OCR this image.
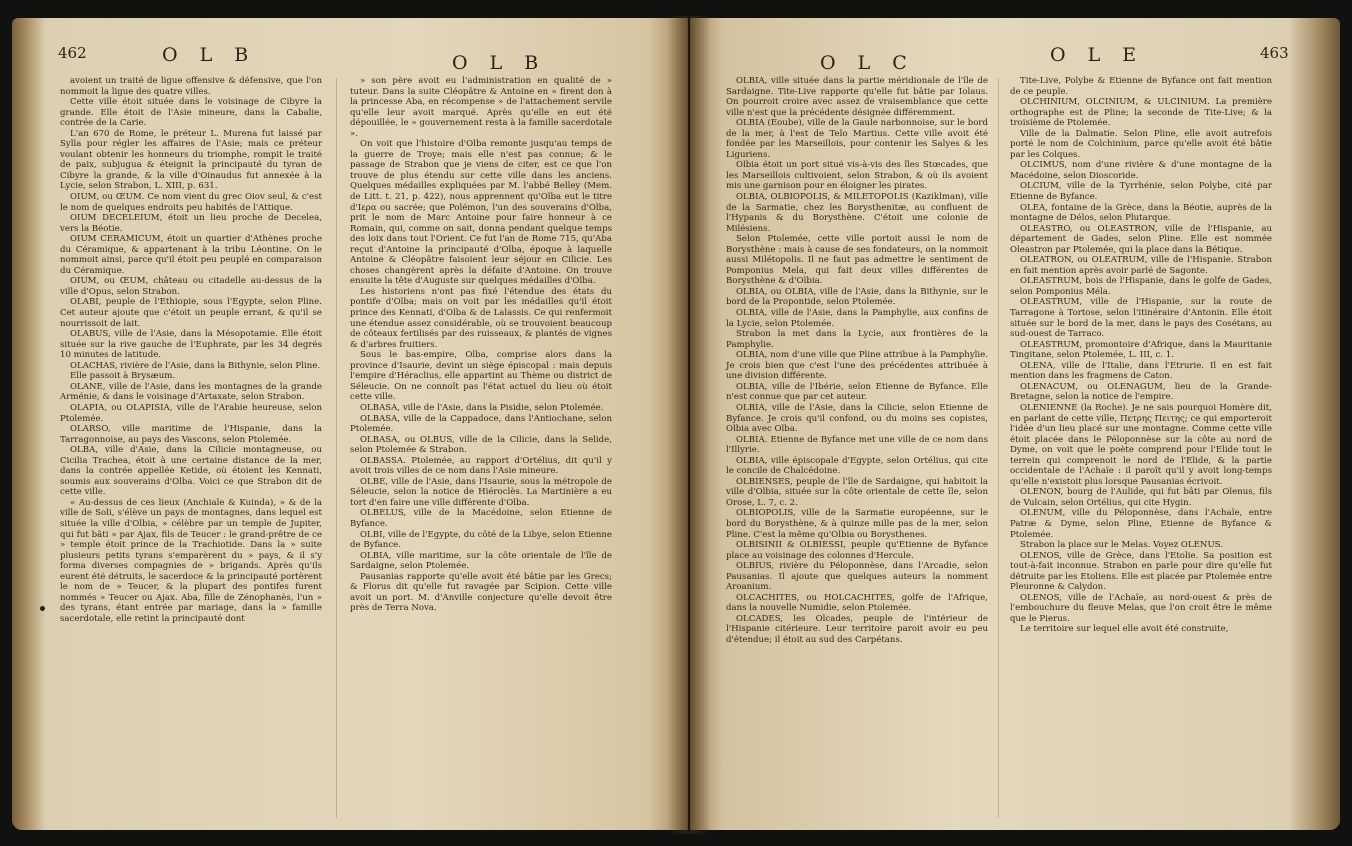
462	O L B	O L B

avoient un traité de ligue offensive & défensive, que l'on nommoit la ligue des quatre villes.

Cette ville étoit située dans le voisinage de Cibyre la grande. Elle étoit de l'Asie mineure, dans la Cabalie, contrée de la Carie.

L'an 670 de Rome, le préteur L. Murena fut laissé par Sylla pour régler les affaires de l'Asie; mais ce préteur voulant obtenir les honneurs du triomphe, rompit le traité de paix, subjugua & éteignit la principauté du tyran de Cibyre la grande, & la ville d'Oinaudus fut annexée à la Lycie, selon Strabon, L. XIII, p. 631.

OIUM, ou ŒUM. Ce nom vient du grec Oiov seul, & c'est le nom de quelques endroits peu habités de l'Attique.

OIUM DECELEIUM, étoit un lieu proche de Decelea, vers la Béotie.

OIUM CERAMICUM, étoit un quartier d'Athènes proche du Céramique, & appartenant à la tribu Léontine. On le nommoit ainsi, parce qu'il étoit peu peuplé en comparaison du Céramique.

OIUM, ou ŒUM, château ou citadelle au-dessus de la ville d'Opus, selon Strabon.

OLABI, peuple de l'Ethiopie, sous l'Egypte, selon Pline. Cet auteur ajoute que c'étoit un peuple errant, & qu'il se nourrissoit de lait.

OLABUS, ville de l'Asie, dans la Mésopotamie. Elle étoit située sur la rive gauche de l'Euphrate, par les 34 degrés 10 minutes de latitude.

OLACHAS, rivière de l'Asie, dans la Bithynie, selon Pline.

Elle passoit à Brysæum.

OLANE, ville de l'Asie, dans les montagnes de la grande Arménie, & dans le voisinage d'Artaxate, selon Strabon.

OLAPIA, ou OLAPISIA, ville de l'Arabie heureuse, selon Ptolemée.

OLARSO, ville maritime de l'Hispanie, dans la Tarragonnoise, au pays des Vascons, selon Ptolemée.

OLBA, ville d'Asie, dans la Cilicie montagneuse, ou Cicilia Trachea, étoit à une certaine distance de la mer, dans la contrée appellée Ketide, où étoient les Kennati, soumis aux souverains d'Olba. Voici ce que Strabon dit de cette ville.

« Au-dessus de ces lieux (Anchiale & Kuinda), » & de la ville de Soli, s'élève un pays de montagnes, dans lequel est située la ville d'Olbia, » célèbre par un temple de Jupiter, qui fut bâti » par Ajax, fils de Teucer : le grand-prêtre de ce » temple étoit prince de la Trachiotide. Dans la » suite plusieurs petits tyrans s'emparèrent du » pays, & il s'y forma diverses compagnies de » brigands. Après qu'ils eurent été détruits, le sacerdoce & la principauté portèrent le nom de » Teucer, & la plupart des pontifes furent nommés » Teucer ou Ajax. Aba, fille de Zénophanès, l'un » des tyrans, étant entrée par mariage, dans la » famille sacerdotale, elle retint la principauté dont

» son père avoit eu l'administration en qualité de » tuteur. Dans la suite Cléopâtre & Antoine en » firent don à la princesse Aba, en récompense » de l'attachement servile qu'elle leur avoit marqué. Après qu'elle en eut été dépouillée, le » gouvernement resta à la famille sacerdotale ».

On voit que l'histoire d'Olba remonte jusqu'au temps de la guerre de Troye; mais elle n'est pas connue; & le passage de Strabon que je viens de citer, est ce que l'on trouve de plus étendu sur cette ville dans les anciens. Quelques médailles expliquées par M. l'abbé Belley (Mem. de Litt. t. 21, p. 422), nous apprennent qu'Olba eut le titre d'Ιερα ou sacrée; que Polémon, l'un des souverains d'Olba, prit le nom de Marc Antoine pour faire honneur à ce Romain, qui, comme on sait, donna pendant quelque temps des loix dans tout l'Orient. Ce fut l'an de Rome 715, qu'Aba reçut d'Antoine la principauté d'Olba, époque à laquelle Antoine & Cléopâtre faisoient leur séjour en Cilicie. Les choses changèrent après la défaite d'Antoine. On trouve ensuite la tête d'Auguste sur quelques médailles d'Olba.

Les historiens n'ont pas fixé l'étendue des états du pontife d'Olba; mais on voit par les médailles qu'il étoit prince des Kennati, d'Olba & de Lalassis. Ce qui renfermoit une étendue assez considérable, où se trouvoient beaucoup de côteaux fertilisés par des ruisseaux, & plantés de vignes & d'arbres fruitiers.

Sous le bas-empire, Olba, comprise alors dans la province d'Isaurie, devint un siège épiscopal : mais depuis l'empire d'Héraclius, elle appartint au Thème ou district de Séleucie. On ne connoît pas l'état actuel du lieu où étoit cette ville.

OLBASA, ville de l'Asie, dans la Pisidie, selon Ptolemée.

OLBASA, ville de la Cappadoce, dans l'Antiochane, selon Ptolemée.

OLBASA, ou OLBUS, ville de la Cilicie, dans la Selide, selon Ptolemée & Strabon.

OLBASSA. Ptolemée, au rapport d'Ortélius, dit qu'il y avoit trois villes de ce nom dans l'Asie mineure.

OLBE, ville de l'Asie, dans l'Isaurie, sous la métropole de Séleucie, selon la notice de Hiéroclès. La Martinière a eu tort d'en faire une ville différente d'Olba.

OLBELUS, ville de la Macédoine, selon Etienne de Byfance.

OLBI, ville de l'Egypte, du côté de la Libye, selon Etienne de Byfance.

OLBIA, ville maritime, sur la côte orientale de l'île de Sardaigne, selon Ptolemée.

Pausanias rapporte qu'elle avoit été bâtie par les Grecs; & Florus dit qu'elle fut ravagée par Scipion. Cette ville avoit un port. M. d'Anville conjecture qu'elle devoit être près de Terra Nova.

O L C	O L E	463

OLBIA, ville située dans la partie méridionale de l'île de Sardaigne. Tite-Live rapporte qu'elle fut bâtie par Iolaus. On pourroit croire avec assez de vraisemblance que cette ville n'est que la précédente désignée différemment.

OLBIA (Eoube), ville de la Gaule narbonnoise, sur le bord de la mer, à l'est de Telo Martius. Cette ville avoit été fondée par les Marseillois, pour contenir les Salyes & les Liguriens.

Olbia étoit un port situé vis-à-vis des îles Stœcades, que les Marseillois cultivoient, selon Strabon, & où ils avoient mis une garnison pour en éloigner les pirates.

OLBIA, OLBIOPOLIS, & MILETOPOLIS (Kaziklman), ville de la Sarmatie, chez les Borysthenitæ, au confluent de l'Hypanis & du Borysthène. C'étoit une colonie de Milésiens.

Selon Ptolemée, cette ville portoit aussi le nom de Borysthène : mais à cause de ses fondateurs, on la nommoit aussi Milétopolis. Il ne faut pas admettre le sentiment de Pomponius Mela, qui fait deux villes différentes de Borysthène & d'Olbia.

OLBIA, ou OLBIA, ville de l'Asie, dans la Bithynie, sur le bord de la Propontide, selon Ptolemée.

OLBIA, ville de l'Asie, dans la Pamphylie, aux confins de la Lycie, selon Ptolemée.

Strabon la met dans la Lycie, aux frontières de la Pamphylie.

OLBIA, nom d'une ville que Pline attribue à la Pamphylie. Je crois bien que c'est l'une des précédentes attribuée à une division différente.

OLBIA, ville de l'Ibérie, selon Etienne de Byfance. Elle n'est connue que par cet auteur.

OLBIA, ville de l'Asie, dans la Cilicie, selon Etienne de Byfance. Je crois qu'il confond, ou du moins ses copistes, Olbia avec Olba.

OLBIA. Etienne de Byfance met une ville de ce nom dans l'Illyrie.

OLBIA, ville épiscopale d'Egypte, selon Ortélius, qui cite le concile de Chalcédoine.

OLBIENSES, peuple de l'île de Sardaigne, qui habitoit la ville d'Olbia, située sur la côte orientale de cette île, selon Orose, L. 7, c. 2.

OLBIOPOLIS, ville de la Sarmatie européenne, sur le bord du Borysthène, & à quinze mille pas de la mer, selon Pline. C'est la même qu'Olbia ou Borysthenes.

OLBISINII & OLBIESSI, peuple qu'Etienne de Byfance place au voisinage des colonnes d'Hercule.

OLBIUS, rivière du Péloponnèse, dans l'Arcadie, selon Pausanias. Il ajoute que quelques auteurs la nomment Aroanium.

OLCACHITES, ou HOLCACHITES, golfe de l'Afrique, dans la nouvelle Numidie, selon Ptolemée.

OLCADES, les Olcades, peuple de l'intérieur de l'Hispanie citérieure. Leur territoire paroit avoir eu peu d'étendue; il étoit au sud des Carpétans.

Tite-Live, Polybe & Etienne de Byfance ont fait mention de ce peuple.

OLCHINIUM, OLCINIUM, & ULCINIUM. La première orthographe est de Pline; la seconde de Tite-Live; & la troisième de Ptolemée.

Ville de la Dalmatie. Selon Pline, elle avoit autrefois porté le nom de Colchinium, parce qu'elle avoit été bâtie par les Colques.

OLCIMUS, nom d'une rivière & d'une montagne de la Macédoine, selon Dioscoride.

OLCIUM, ville de la Tyrrhénie, selon Polybe, cité par Etienne de Byfance.

OLEA, fontaine de la Grèce, dans la Béotie, auprès de la montagne de Délos, selon Plutarque.

OLEASTRO, ou OLEASTRON, ville de l'Hispanie, au département de Gades, selon Pline. Elle est nommée Oleastron par Ptolemée, qui la place dans la Bétique.

OLEATRON, ou OLEATRUM, ville de l'Hispanie. Strabon en fait mention après avoir parlé de Sagonte.

OLEASTRUM, bois de l'Hispanie, dans le golfe de Gades, selon Pomponius Méla.

OLEASTRUM, ville de l'Hispanie, sur la route de Tarragone à Tortose, selon l'itinéraire d'Antonin. Elle étoit située sur le bord de la mer, dans le pays des Cosétans, au sud-ouest de Tarraco.

OLEASTRUM, promontoire d'Afrique, dans la Mauritanie Tingitane, selon Ptolemée, L. III, c. 1.

OLENA, ville de l'Italie, dans l'Etrurie. Il en est fait mention dans les fragmens de Caton.

OLENACUM, ou OLENAGUM, lieu de la Grande-Bretagne, selon la notice de l'empire.

OLENIENNE (la Roche). Je ne sais pourquoi Homère dit, en parlant de cette ville, Πετρης Πειτης; ce qui emporteroit l'idée d'un lieu placé sur une montagne. Comme cette ville étoit placée dans le Péloponnèse sur la côte au nord de Dyme, on voit que le poète comprend pour l'Elide tout le terrein qui comprenoit le nord de l'Elide, & la partie occidentale de l'Achaïe : il paroît qu'il y avoit long-temps qu'elle n'existoit plus lorsque Pausanias écrivoit.

OLENON, bourg de l'Aulide, qui fut bâti par Olenus, fils de Vulcain, selon Ortélius, qui cite Hygin.

OLENUM, ville du Péloponnèse, dans l'Achaïe, entre Patræ & Dyme, selon Pline, Etienne de Byfance & Ptolemée.

Strabon la place sur le Melas. Voyez OLENUS.

OLENOS, ville de Grèce, dans l'Etolie. Sa position est tout-à-fait inconnue. Strabon en parle pour dire qu'elle fut détruite par les Etoliens. Elle est placée par Ptolemée entre Pleuronne & Calydon.

OLENOS, ville de l'Achaïe, au nord-ouest & près de l'embouchure du fleuve Melas, que l'on croit être le même que le Pierus.

Le territoire sur lequel elle avoit été construite,
